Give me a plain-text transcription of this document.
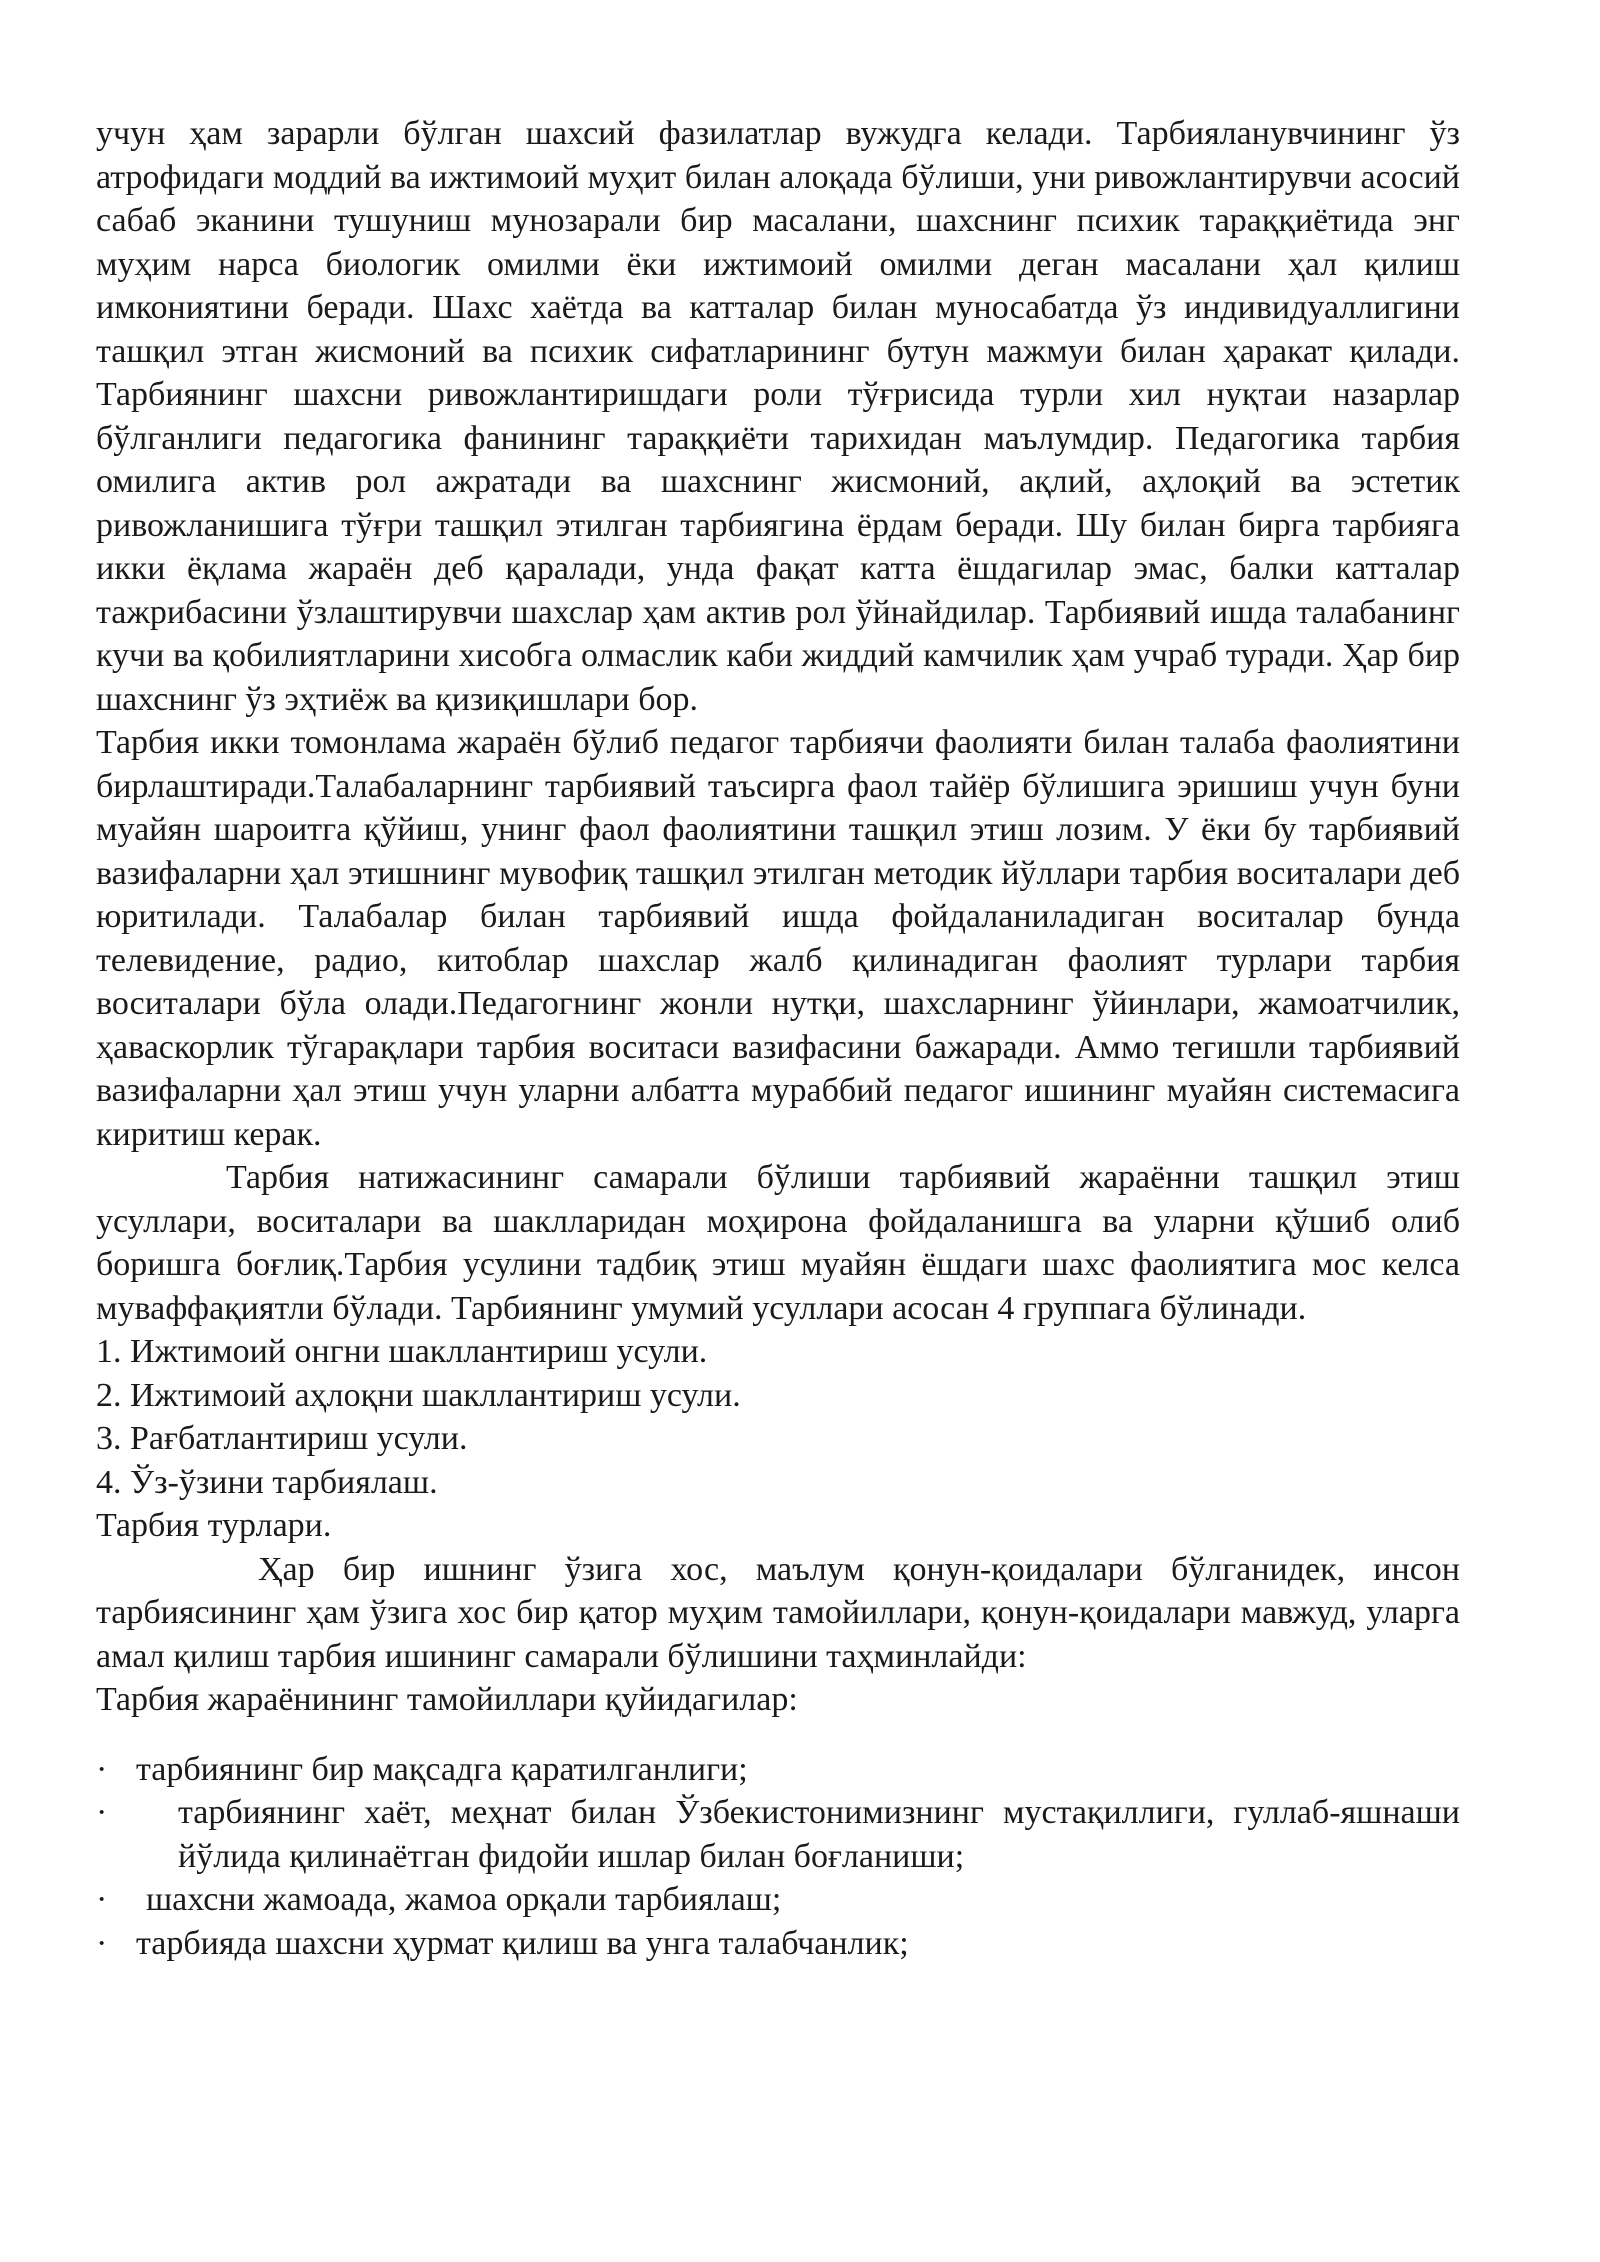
учун ҳам зарарли бўлган шахсий фазилатлар вужудга келади. Тарбияланувчининг ўз атрофидаги моддий ва ижтимоий муҳит билан алоқада бўлиши, уни ривожлантирувчи асосий сабаб эканини тушуниш мунозарали бир масалани, шахснинг психик тараққиётида энг муҳим нарса биологик омилми ёки ижтимоий омилми деган масалани ҳал қилиш имкониятини беради. Шахс хаётда ва катталар билан муносабатда ўз индивидуаллигини ташқил этган жисмоний ва психик сифатларининг бутун мажмуи билан ҳаракат қилади. Тарбиянинг шахсни ривожлантиришдаги роли тўғрисида турли хил нуқтаи назарлар бўлганлиги педагогика фанининг тараққиёти тарихидан маълумдир. Педагогика тарбия омилига актив рол ажратади ва шахснинг жисмоний, ақлий, аҳлоқий ва эстетик ривожланишига тўғри ташқил этилган тарбиягина ёрдам беради. Шу билан бирга тарбияга икки ёқлама жараён деб қаралади, унда фақат катта ёшдагилар эмас, балки катталар тажрибасини ўзлаштирувчи шахслар ҳам актив рол ўйнайдилар. Тарбиявий ишда талабанинг кучи ва қобилиятларини хисобга олмаслик каби жиддий камчилик ҳам учраб туради. Ҳар бир шахснинг ўз эҳтиёж ва қизиқишлари бор.

Тарбия икки томонлама жараён бўлиб педагог тарбиячи фаолияти билан талаба фаолиятини бирлаштиради.Талабаларнинг тарбиявий таъсирга фаол тайёр бўлишига эришиш учун буни муайян шароитга қўйиш, унинг фаол фаолиятини ташқил этиш лозим. У ёки бу тарбиявий вазифаларни ҳал этишнинг мувофиқ ташқил этилган методик йўллари тарбия воситалари деб юритилади. Талабалар билан тарбиявий ишда фойдаланиладиган воситалар бунда телевидение, радио, китоблар шахслар жалб қилинадиган фаолият турлари тарбия воситалари бўла олади.Педагогнинг жонли нутқи, шахсларнинг ўйинлари, жамоатчилик, ҳаваскорлик тўгарақлари тарбия воситаси вазифасини бажаради. Аммо тегишли тарбиявий вазифаларни ҳал этиш учун уларни албатта мураббий педагог ишининг муайян системасига киритиш керак.

Тарбия натижасининг самарали бўлиши тарбиявий жараённи ташқил этиш усуллари, воситалари ва шаклларидан моҳирона фойдаланишга ва уларни қўшиб олиб боришга боғлиқ.Тарбия усулини тадбиқ этиш муайян ёшдаги шахс фаолиятига мос келса муваффақиятли бўлади. Тарбиянинг умумий усуллари асосан 4 группага бўлинади.

1. Ижтимоий онгни шакллантириш усули.

2. Ижтимоий аҳлоқни шакллантириш усули.

3. Рағбатлантириш усули.

4. Ўз-ўзини тарбиялаш.

Тарбия турлари.

Ҳар бир ишнинг ўзига хос, маълум қонун-қоидалари бўлганидек, инсон тарбиясининг ҳам ўзига хос бир қатор муҳим тамойиллари, қонун-қоидалари мавжуд, уларга амал қилиш тарбия ишининг самарали бўлишини таҳминлайди:

Тарбия жараёнининг тамойиллари қуйидагилар:

· тарбиянинг бир мақсадга қаратилганлиги;
·	тарбиянинг хаёт, меҳнат билан Ўзбекистонимизнинг мустақиллиги, гуллаб-яшнаши йўлида қилинаётган фидойи ишлар билан боғланиши;
·	шахсни жамоада, жамоа орқали тарбиялаш;
· тарбияда шахсни ҳурмат қилиш ва унга талабчанлик;
